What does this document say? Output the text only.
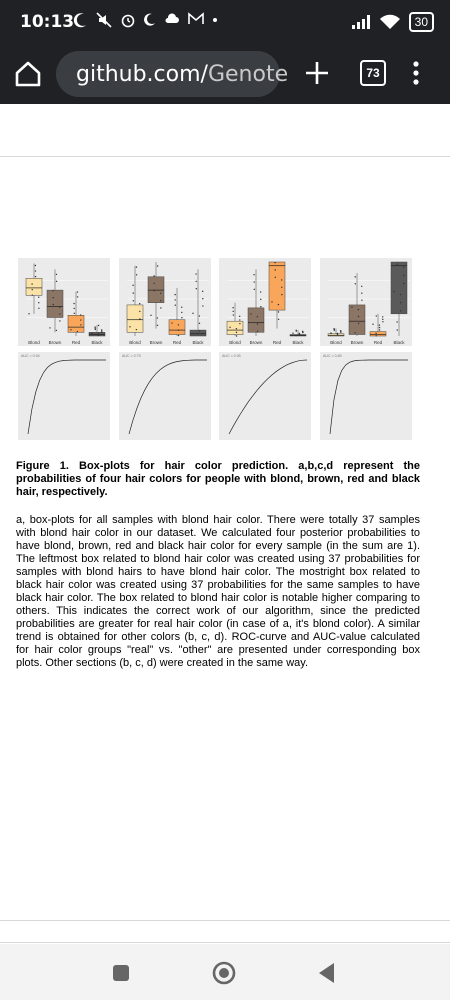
10:13	30
github.com/Genote	73
Blond Brown Red	Black
AUC = 0.94
Blond Brown Red	Black
AUC = 0.79
Blond Brown Red	Black
AUC = 0.95
Blond Brown Red	Black
AUC = 0.89
Figure 1. Box-plots for hair color prediction. a,b,c,d represent the probabilities of four hair colors for people with blond, brown, red and black hair, respectively.
a, box-plots for all samples with blond hair color. There were totally 37 samples with blond hair color in our dataset. We calculated four posterior probabilities to have blond, brown, red and black hair color for every sample (in the sum are 1). The leftmost box related to blond hair color was created using 37 probabilities for samples with blond hairs to have blond hair color. The mostright box related to black hair color was created using 37 probabilities for the same samples to have black hair color. The box related to blond hair color is notable higher comparing to others. This indicates the correct work of our algorithm, since the predicted probabilities are greater for real hair color (in case of a, it's blond color). A similar trend is obtained for other colors (b, c, d). ROC-curve and AUC-value calculated for hair color groups "real" vs. "other" are presented under corresponding box plots. Other sections (b, c, d) were created in the same way.
